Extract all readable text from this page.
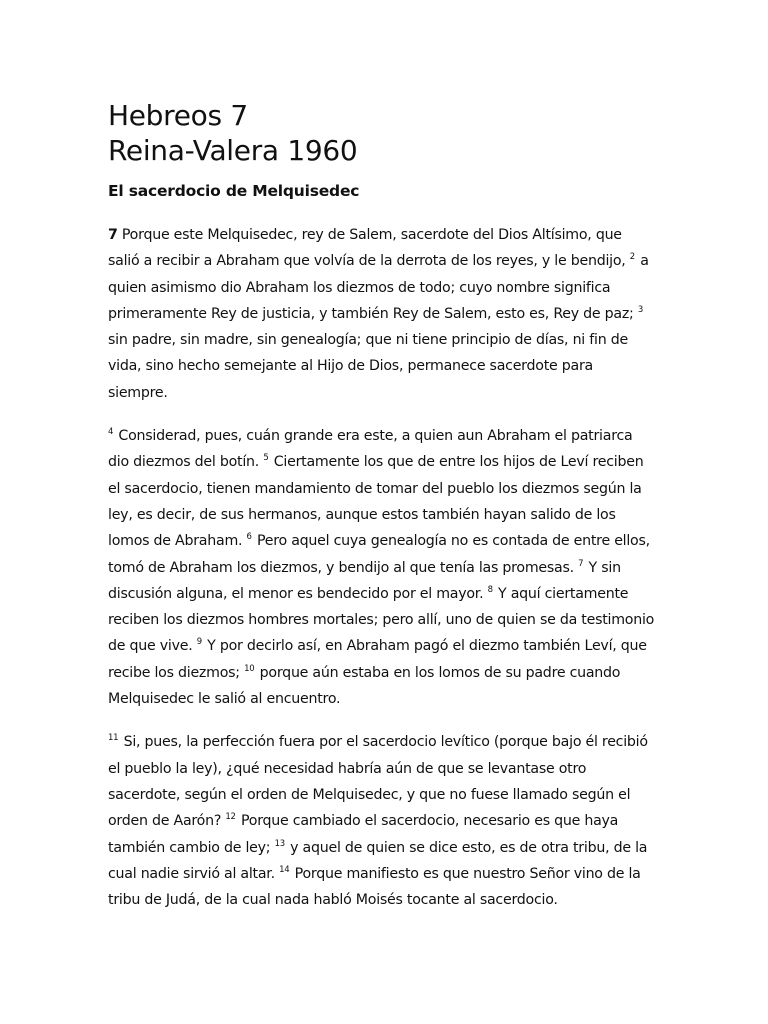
Hebreos 7
Reina-Valera 1960
El sacerdocio de Melquisedec

7 Porque este Melquisedec, rey de Salem, sacerdote del Dios Altísimo, que salió a recibir a Abraham que volvía de la derrota de los reyes, y le bendijo, $^2$ a quien asimismo dio Abraham los diezmos de todo; cuyo nombre significa primeramente Rey de justicia, y también Rey de Salem, esto es, Rey de paz; $^3$ sin padre, sin madre, sin genealogía; que ni tiene principio de días, ni fin de vida, sino hecho semejante al Hijo de Dios, permanece sacerdote para siempre.

$^4$ Considerad, pues, cuán grande era este, a quien aun Abraham el patriarca dio diezmos del botín. $^5$ Ciertamente los que de entre los hijos de Leví reciben el sacerdocio, tienen mandamiento de tomar del pueblo los diezmos según la ley, es decir, de sus hermanos, aunque estos también hayan salido de los lomos de Abraham. $^6$ Pero aquel cuya genealogía no es contada de entre ellos, tomó de Abraham los diezmos, y bendijo al que tenía las promesas. $^7$ Y sin discusión alguna, el menor es bendecido por el mayor. $^8$ Y aquí ciertamente reciben los diezmos hombres mortales; pero allí, uno de quien se da testimonio de que vive. $^9$ Y por decirlo así, en Abraham pagó el diezmo también Leví, que recibe los diezmos; $^{10}$ porque aún estaba en los lomos de su padre cuando Melquisedec le salió al encuentro.

$^{11}$ Si, pues, la perfección fuera por el sacerdocio levítico (porque bajo él recibió el pueblo la ley), ¿qué necesidad habría aún de que se levantase otro sacerdote, según el orden de Melquisedec, y que no fuese llamado según el orden de Aarón? $^{12}$ Porque cambiado el sacerdocio, necesario es que haya también cambio de ley; $^{13}$ y aquel de quien se dice esto, es de otra tribu, de la cual nadie sirvió al altar. $^{14}$ Porque manifiesto es que nuestro Señor vino de la tribu de Judá, de la cual nada habló Moisés tocante al sacerdocio.
